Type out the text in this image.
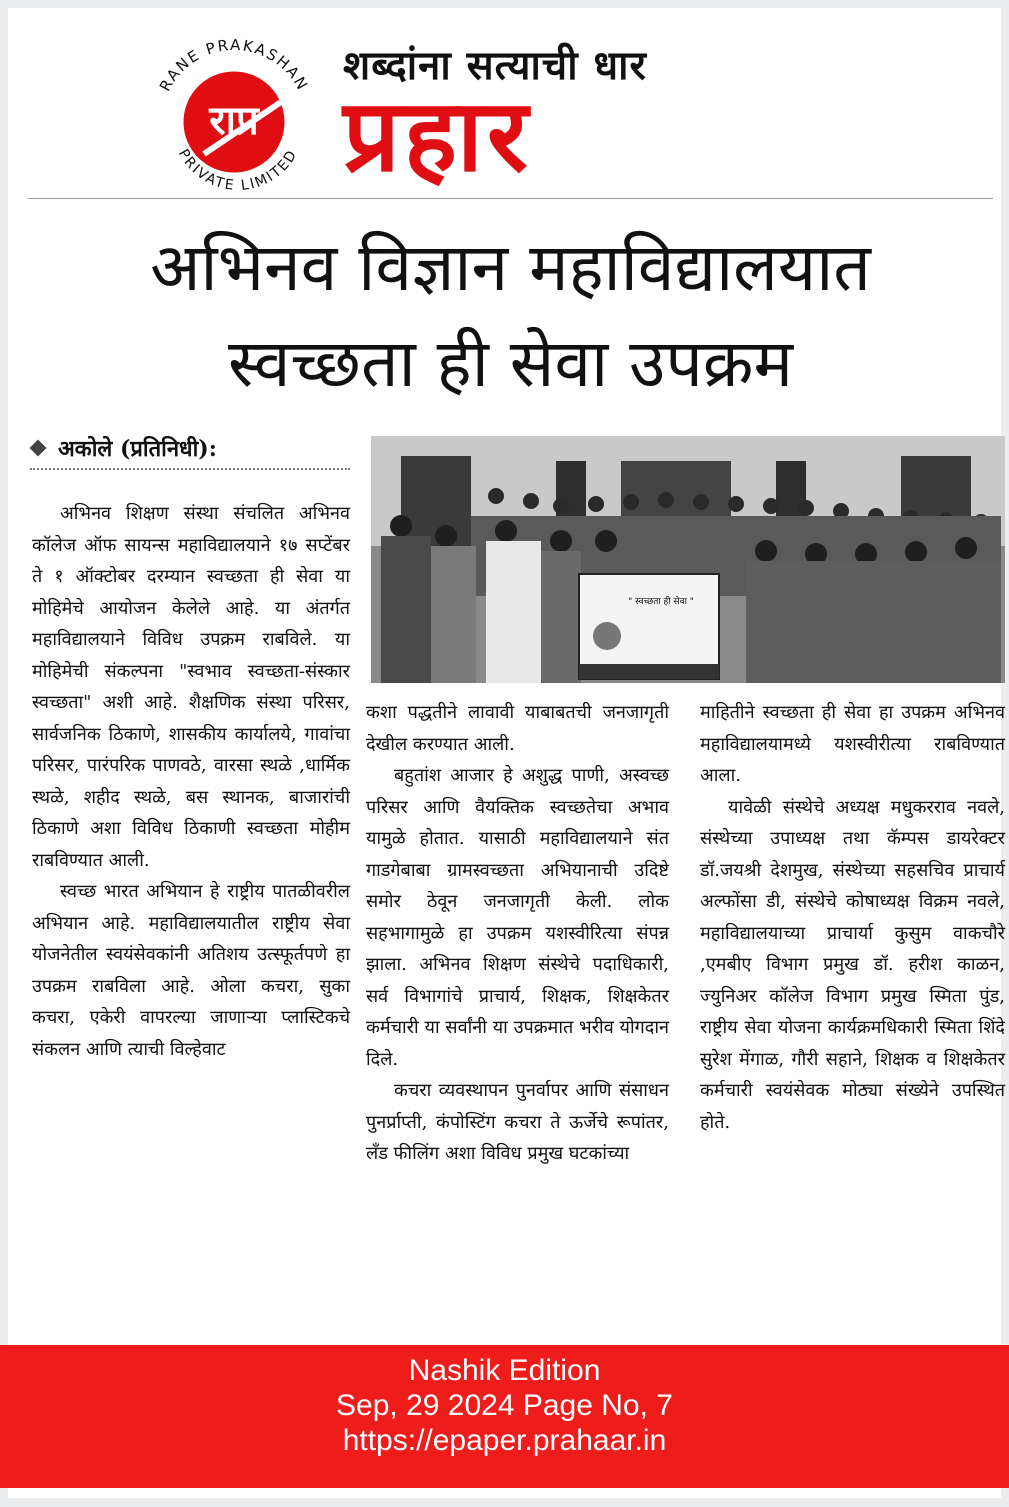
राप्र
RANE PRAKASHAN
PRIVATE LIMITED
शब्दांना सत्याची धार
प्रहार
अभिनव विज्ञान महाविद्यालयात
स्वच्छता ही सेवा उपक्रम
अकोले (प्रतिनिधी):

अभिनव शिक्षण संस्था संचलित अभिनव कॉलेज ऑफ सायन्स महाविद्यालयाने १७ सप्टेंबर ते १ ऑक्टोबर दरम्यान स्वच्छता ही सेवा या मोहिमेचे आयोजन केलेले आहे. या अंतर्गत महाविद्यालयाने विविध उपक्रम राबविले. या मोहिमेची संकल्पना "स्वभाव स्वच्छता-संस्कार स्वच्छता" अशी आहे. शैक्षणिक संस्था परिसर, सार्वजनिक ठिकाणे, शासकीय कार्यालये, गावांचा परिसर, पारंपरिक पाणवठे, वारसा स्थळे ,धार्मिक स्थळे, शहीद स्थळे, बस स्थानक, बाजारांची ठिकाणे अशा विविध ठिकाणी स्वच्छता मोहीम राबविण्यात आली.

स्वच्छ भारत अभियान हे राष्ट्रीय पातळीवरील अभियान आहे. महाविद्यालयातील राष्ट्रीय सेवा योजनेतील स्वयंसेवकांनी अतिशय उत्स्फूर्तपणे हा उपक्रम राबविला आहे. ओला कचरा, सुका कचरा, एकेरी वापरल्या जाणाऱ्या प्लास्टिकचे संकलन आणि त्याची विल्हेवाट

" स्वच्छता ही सेवा "

कशा पद्धतीने लावावी याबाबतची जनजागृती देखील करण्यात आली.

बहुतांश आजार हे अशुद्ध पाणी, अस्वच्छ परिसर आणि वैयक्तिक स्वच्छतेचा अभाव यामुळे होतात. यासाठी महाविद्यालयाने संत गाडगेबाबा ग्रामस्वच्छता अभियानाची उदिष्टे समोर ठेवून जनजागृती केली. लोक सहभागामुळे हा उपक्रम यशस्वीरित्या संपन्न झाला. अभिनव शिक्षण संस्थेचे पदाधिकारी, सर्व विभागांचे प्राचार्य, शिक्षक, शिक्षकेतर कर्मचारी या सर्वांनी या उपक्रमात भरीव योगदान दिले.

कचरा व्यवस्थापन पुनर्वापर आणि संसाधन पुनर्प्राप्ती, कंपोस्टिंग कचरा ते ऊर्जेचे रूपांतर, लॅंड फीलिंग अशा विविध प्रमुख घटकांच्या

माहितीने स्वच्छता ही सेवा हा उपक्रम अभिनव महाविद्यालयामध्ये यशस्वीरीत्या राबविण्यात आला.

यावेळी संस्थेचे अध्यक्ष मधुकरराव नवले, संस्थेच्या उपाध्यक्ष तथा कॅम्पस डायरेक्टर डॉ.जयश्री देशमुख, संस्थेच्या सहसचिव प्राचार्य अल्फोंसा डी, संस्थेचे कोषाध्यक्ष विक्रम नवले, महाविद्यालयाच्या प्राचार्या कुसुम वाकचौरे ,एमबीए विभाग प्रमुख डॉ. हरीश काळन, ज्युनिअर कॉलेज विभाग प्रमुख स्मिता पुंड, राष्ट्रीय सेवा योजना कार्यक्रमधिकारी स्मिता शिंदे सुरेश मेंगाळ, गौरी सहाने, शिक्षक व शिक्षकेतर कर्मचारी स्वयंसेवक मोठ्या संख्येने उपस्थित होते.

Nashik Edition
Sep, 29 2024 Page No, 7
https://epaper.prahaar.in
